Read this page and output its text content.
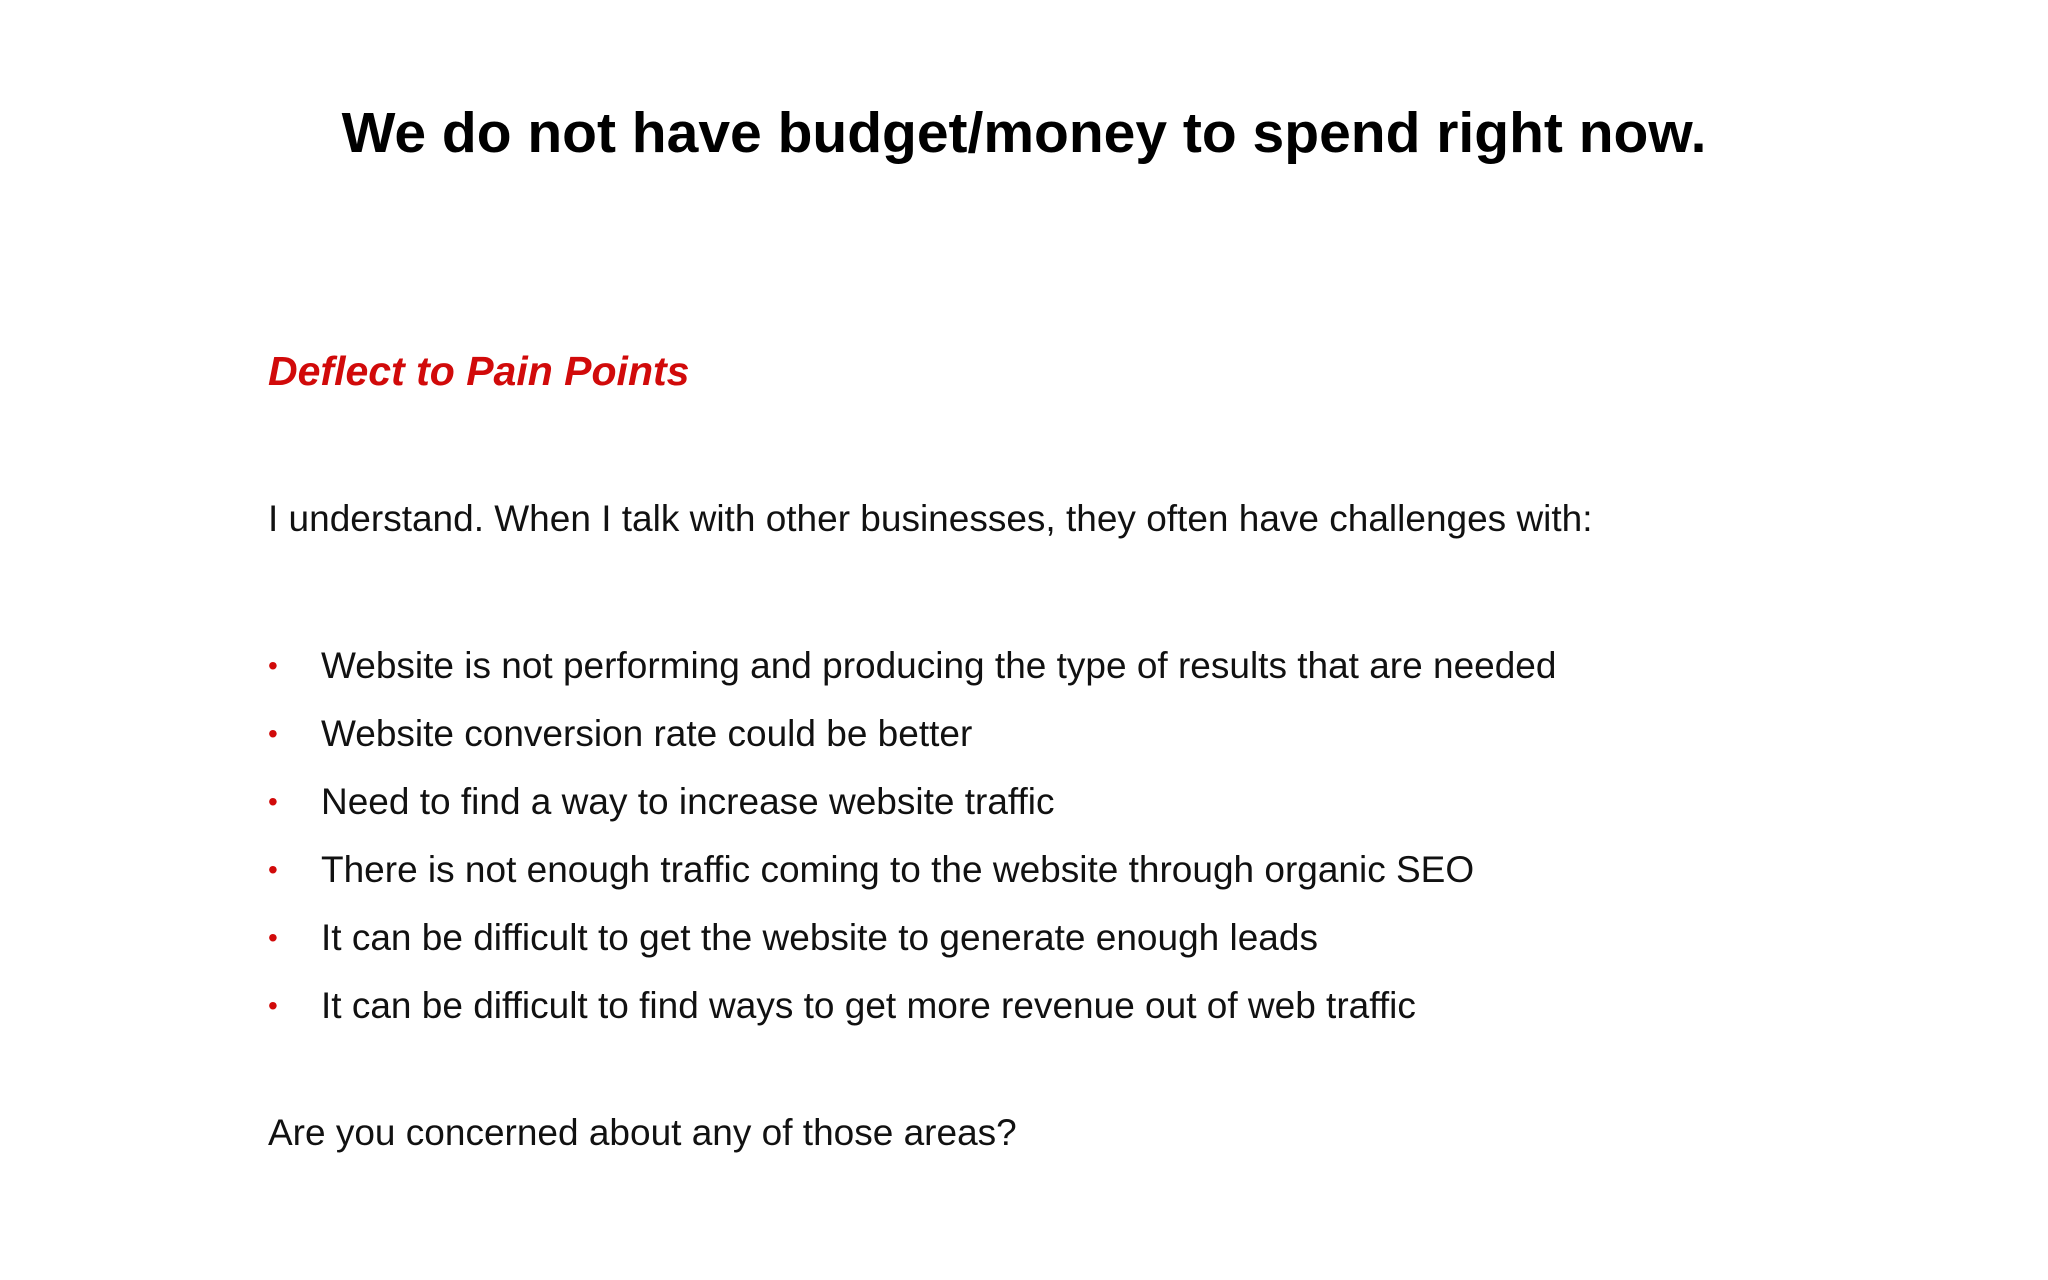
We do not have budget/money to spend right now.
Deflect to Pain Points

I understand. When I talk with other businesses, they often have challenges with:

•	Website is not performing and producing the type of results that are needed
•	Website conversion rate could be better
•	Need to find a way to increase website traffic
•	There is not enough traffic coming to the website through organic SEO
•	It can be difficult to get the website to generate enough leads
•	It can be difficult to find ways to get more revenue out of web traffic

Are you concerned about any of those areas?
